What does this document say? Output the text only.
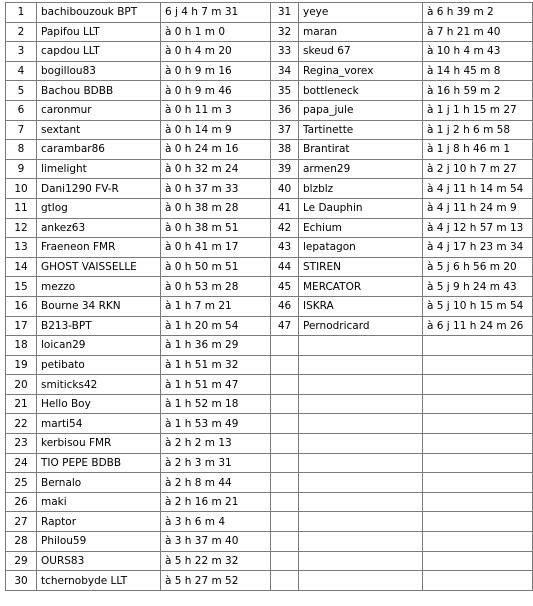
1	bachibouzouk BPT	6 j 4 h 7 m 31	31	yeye	à 6 h 39 m 2
2	Papifou LLT	à 0 h 1 m 0	32	maran	à 7 h 21 m 40
3	capdou LLT	à 0 h 4 m 20	33	skeud 67	à 10 h 4 m 43
4	bogillou83	à 0 h 9 m 16	34	Regina_vorex	à 14 h 45 m 8
5	Bachou BDBB	à 0 h 9 m 46	35	bottleneck	à 16 h 59 m 2
6	caronmur	à 0 h 11 m 3	36	papa_jule	à 1 j 1 h 15 m 27
7	sextant	à 0 h 14 m 9	37	Tartinette	à 1 j 2 h 6 m 58
8	carambar86	à 0 h 24 m 16	38	Brantirat	à 1 j 8 h 46 m 1
9	limelight	à 0 h 32 m 24	39	armen29	à 2 j 10 h 7 m 27
10	Dani1290 FV-R	à 0 h 37 m 33	40	blzblz	à 4 j 11 h 14 m 54
11	gtlog	à 0 h 38 m 28	41	Le Dauphin	à 4 j 11 h 24 m 9
12	ankez63	à 0 h 38 m 51	42	Echium	à 4 j 12 h 57 m 13
13	Fraeneon FMR	à 0 h 41 m 17	43	lepatagon	à 4 j 17 h 23 m 34
14	GHOST VAISSELLE	à 0 h 50 m 51	44	STIREN	à 5 j 6 h 56 m 20
15	mezzo	à 0 h 53 m 28	45	MERCATOR	à 5 j 9 h 24 m 43
16	Bourne 34 RKN	à 1 h 7 m 21	46	ISKRA	à 5 j 10 h 15 m 54
17	B213-BPT	à 1 h 20 m 54	47	Pernodricard	à 6 j 11 h 24 m 26
18	loican29	à 1 h 36 m 29			
19	petibato	à 1 h 51 m 32			
20	smiticks42	à 1 h 51 m 47			
21	Hello Boy	à 1 h 52 m 18			
22	marti54	à 1 h 53 m 49			
23	kerbisou FMR	à 2 h 2 m 13			
24	TIO PEPE BDBB	à 2 h 3 m 31			
25	Bernalo	à 2 h 8 m 44			
26	maki	à 2 h 16 m 21			
27	Raptor	à 3 h 6 m 4			
28	Philou59	à 3 h 37 m 40			
29	OURS83	à 5 h 22 m 32			
30	tchernobyde LLT	à 5 h 27 m 52			
